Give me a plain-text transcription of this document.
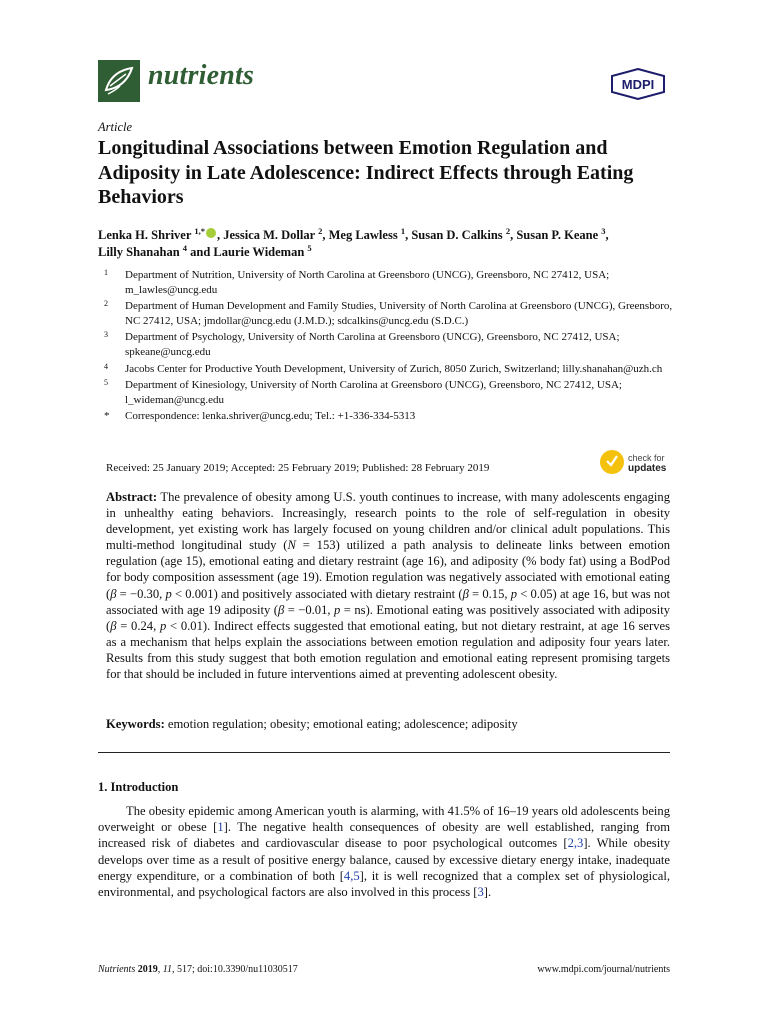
nutrients	MDPI
Article
Longitudinal Associations between Emotion Regulation and Adiposity in Late Adolescence: Indirect Effects through Eating Behaviors
Lenka H. Shriver $^{1,*}$ , Jessica M. Dollar $^2$, Meg Lawless $^1$, Susan D. Calkins $^2$, Susan P. Keane $^3$,
Lilly Shanahan $^4$ and Laurie Wideman $^5$
1 Department of Nutrition, University of North Carolina at Greensboro (UNCG), Greensboro, NC 27412, USA; m_lawles@uncg.edu
2 Department of Human Development and Family Studies, University of North Carolina at Greensboro (UNCG), Greensboro, NC 27412, USA; jmdollar@uncg.edu (J.M.D.); sdcalkins@uncg.edu (S.D.C.)
3 Department of Psychology, University of North Carolina at Greensboro (UNCG), Greensboro, NC 27412, USA; spkeane@uncg.edu
4 Jacobs Center for Productive Youth Development, University of Zurich, 8050 Zurich, Switzerland; lilly.shanahan@uzh.ch
5 Department of Kinesiology, University of North Carolina at Greensboro (UNCG), Greensboro, NC 27412, USA; l_wideman@uncg.edu
* Correspondence: lenka.shriver@uncg.edu; Tel.: +1-336-334-5313
Received: 25 January 2019; Accepted: 25 February 2019; Published: 28 February 2019
check for
updates

Abstract: The prevalence of obesity among U.S. youth continues to increase, with many adolescents engaging in unhealthy eating behaviors. Increasingly, research points to the role of self-regulation in obesity development, yet existing work has largely focused on young children and/or clinical adult populations. This multi-method longitudinal study (N = 153) utilized a path analysis to delineate links between emotion regulation (age 15), emotional eating and dietary restraint (age 16), and adiposity (% body fat) using a BodPod for body composition assessment (age 19). Emotion regulation was negatively associated with emotional eating (β = −0.30, p < 0.001) and positively associated with dietary restraint (β = 0.15, p < 0.05) at age 16, but was not associated with age 19 adiposity (β = −0.01, p = ns). Emotional eating was positively associated with adiposity (β = 0.24, p < 0.01). Indirect effects suggested that emotional eating, but not dietary restraint, at age 16 serves as a mechanism that helps explain the associations between emotion regulation and adiposity four years later. Results from this study suggest that both emotion regulation and emotional eating represent promising targets for that should be included in future interventions aimed at preventing adolescent obesity.

Keywords: emotion regulation; obesity; emotional eating; adolescence; adiposity
1. Introduction

The obesity epidemic among American youth is alarming, with 41.5% of 16–19 years old adolescents being overweight or obese [1]. The negative health consequences of obesity are well established, ranging from increased risk of diabetes and cardiovascular disease to poor psychological outcomes [2,3]. While obesity develops over time as a result of positive energy balance, caused by excessive dietary energy intake, inadequate energy expenditure, or a combination of both [4,5], it is well recognized that a complex set of physiological, environmental, and psychological factors are also involved in this process [3].

Nutrients 2019, 11, 517; doi:10.3390/nu11030517	www.mdpi.com/journal/nutrients
